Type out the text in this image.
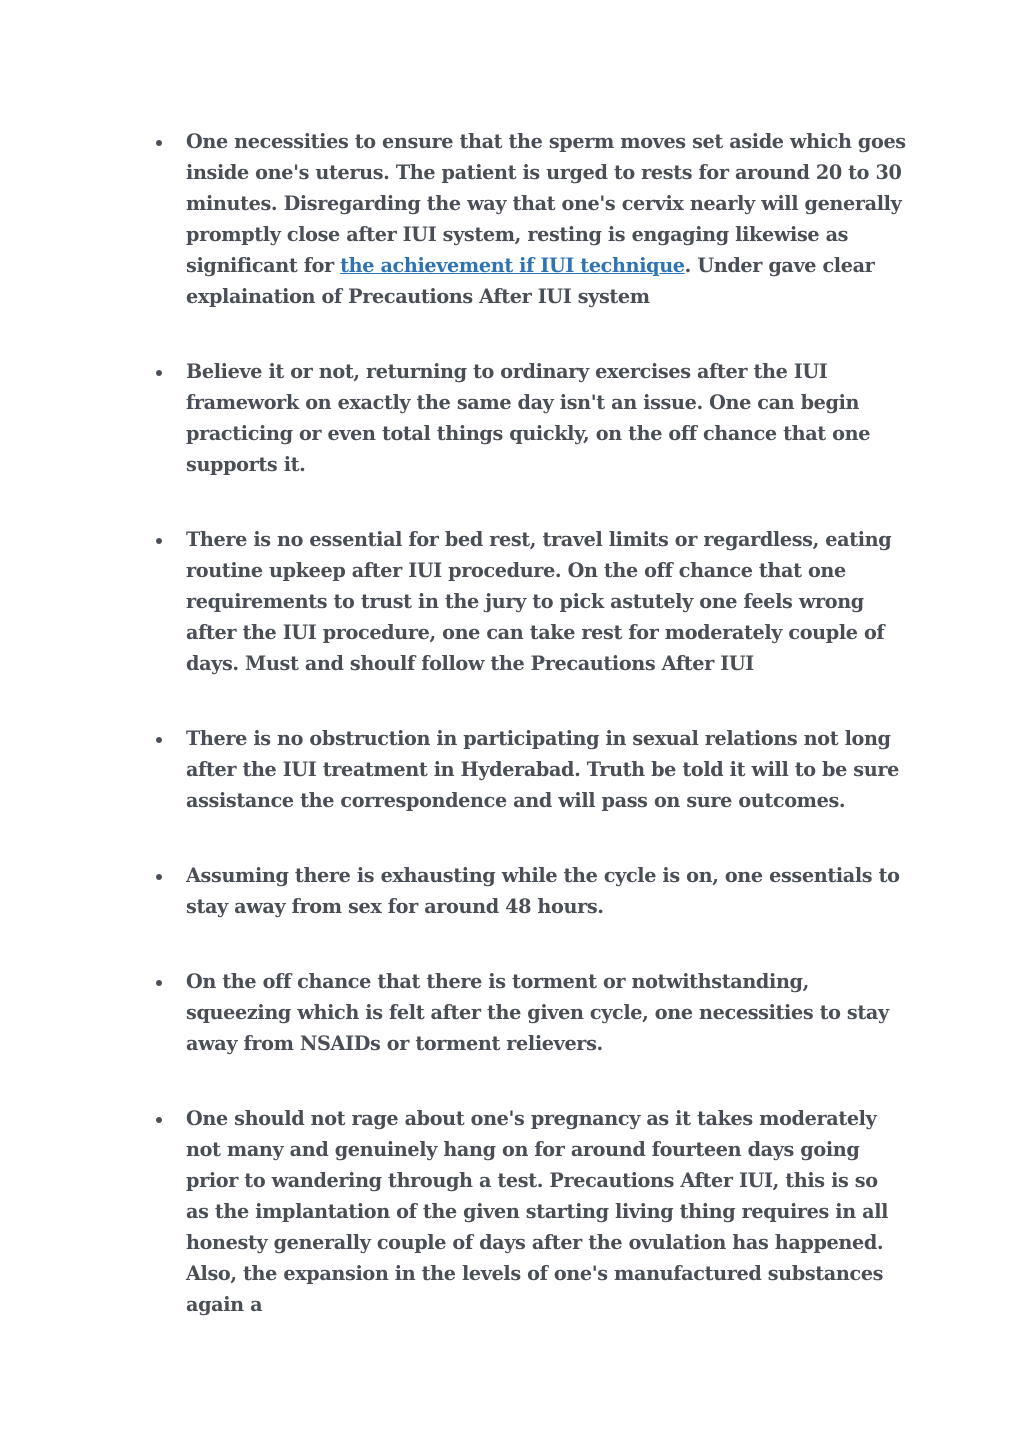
One necessities to ensure that the sperm moves set aside which goes inside one's uterus. The patient is urged to rests for around 20 to 30 minutes. Disregarding the way that one's cervix nearly will generally promptly close after IUI system, resting is engaging likewise as significant for the achievement if IUI technique. Under gave clear explaination of Precautions After IUI system
Believe it or not, returning to ordinary exercises after the IUI framework on exactly the same day isn't an issue. One can begin practicing or even total things quickly, on the off chance that one supports it.
There is no essential for bed rest, travel limits or regardless, eating routine upkeep after IUI procedure. On the off chance that one requirements to trust in the jury to pick astutely one feels wrong after the IUI procedure, one can take rest for moderately couple of days. Must and shoulf follow the Precautions After IUI
There is no obstruction in participating in sexual relations not long after the IUI treatment in Hyderabad. Truth be told it will to be sure assistance the correspondence and will pass on sure outcomes.
Assuming there is exhausting while the cycle is on, one essentials to stay away from sex for around 48 hours.
On the off chance that there is torment or notwithstanding, squeezing which is felt after the given cycle, one necessities to stay away from NSAIDs or torment relievers.
One should not rage about one's pregnancy as it takes moderately not many and genuinely hang on for around fourteen days going prior to wandering through a test. Precautions After IUI, this is so as the implantation of the given starting living thing requires in all honesty generally couple of days after the ovulation has happened. Also, the expansion in the levels of one's manufactured substances again a
